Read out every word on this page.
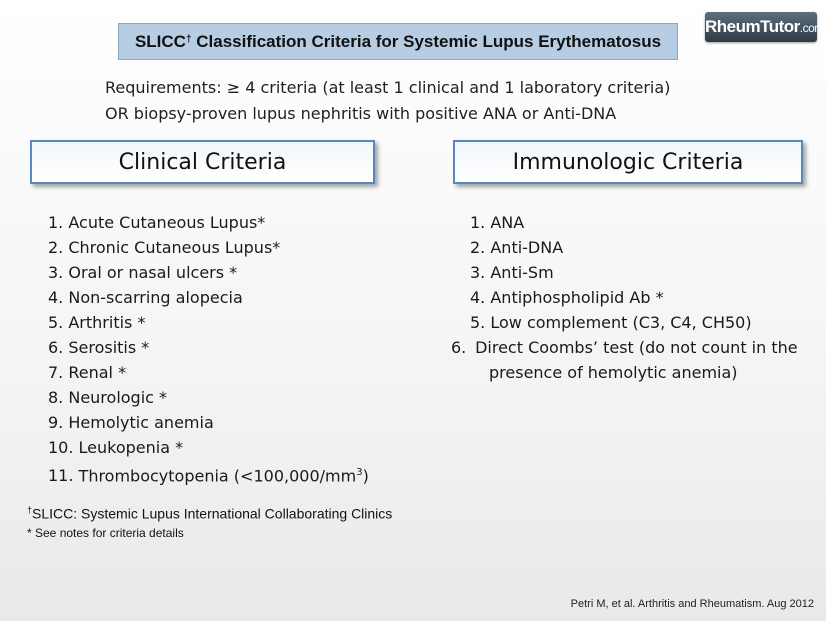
RheumTutor.com
SLICC† Classification Criteria for Systemic Lupus Erythematosus
Requirements: ≥ 4 criteria (at least 1 clinical and 1 laboratory criteria)
OR biopsy-proven lupus nephritis with positive ANA or Anti-DNA
Clinical Criteria	Immunologic Criteria
1. Acute Cutaneous Lupus*
2. Chronic Cutaneous Lupus*
3. Oral or nasal ulcers *
4. Non-scarring alopecia
5. Arthritis *
6. Serositis *
7. Renal *
8. Neurologic *
9. Hemolytic anemia
10. Leukopenia *
11. Thrombocytopenia $(<100,000/mm^3)$
1. ANA
2. Anti-DNA
3. Anti-Sm
4. Antiphospholipid Ab *
5. Low complement (C3, C4, CH50)
6. Direct Coombs’ test (do not count in the presence of hemolytic anemia)
†SLICC: Systemic Lupus International Collaborating Clinics
* See notes for criteria details
Petri M, et al. Arthritis and Rheumatism. Aug 2012
